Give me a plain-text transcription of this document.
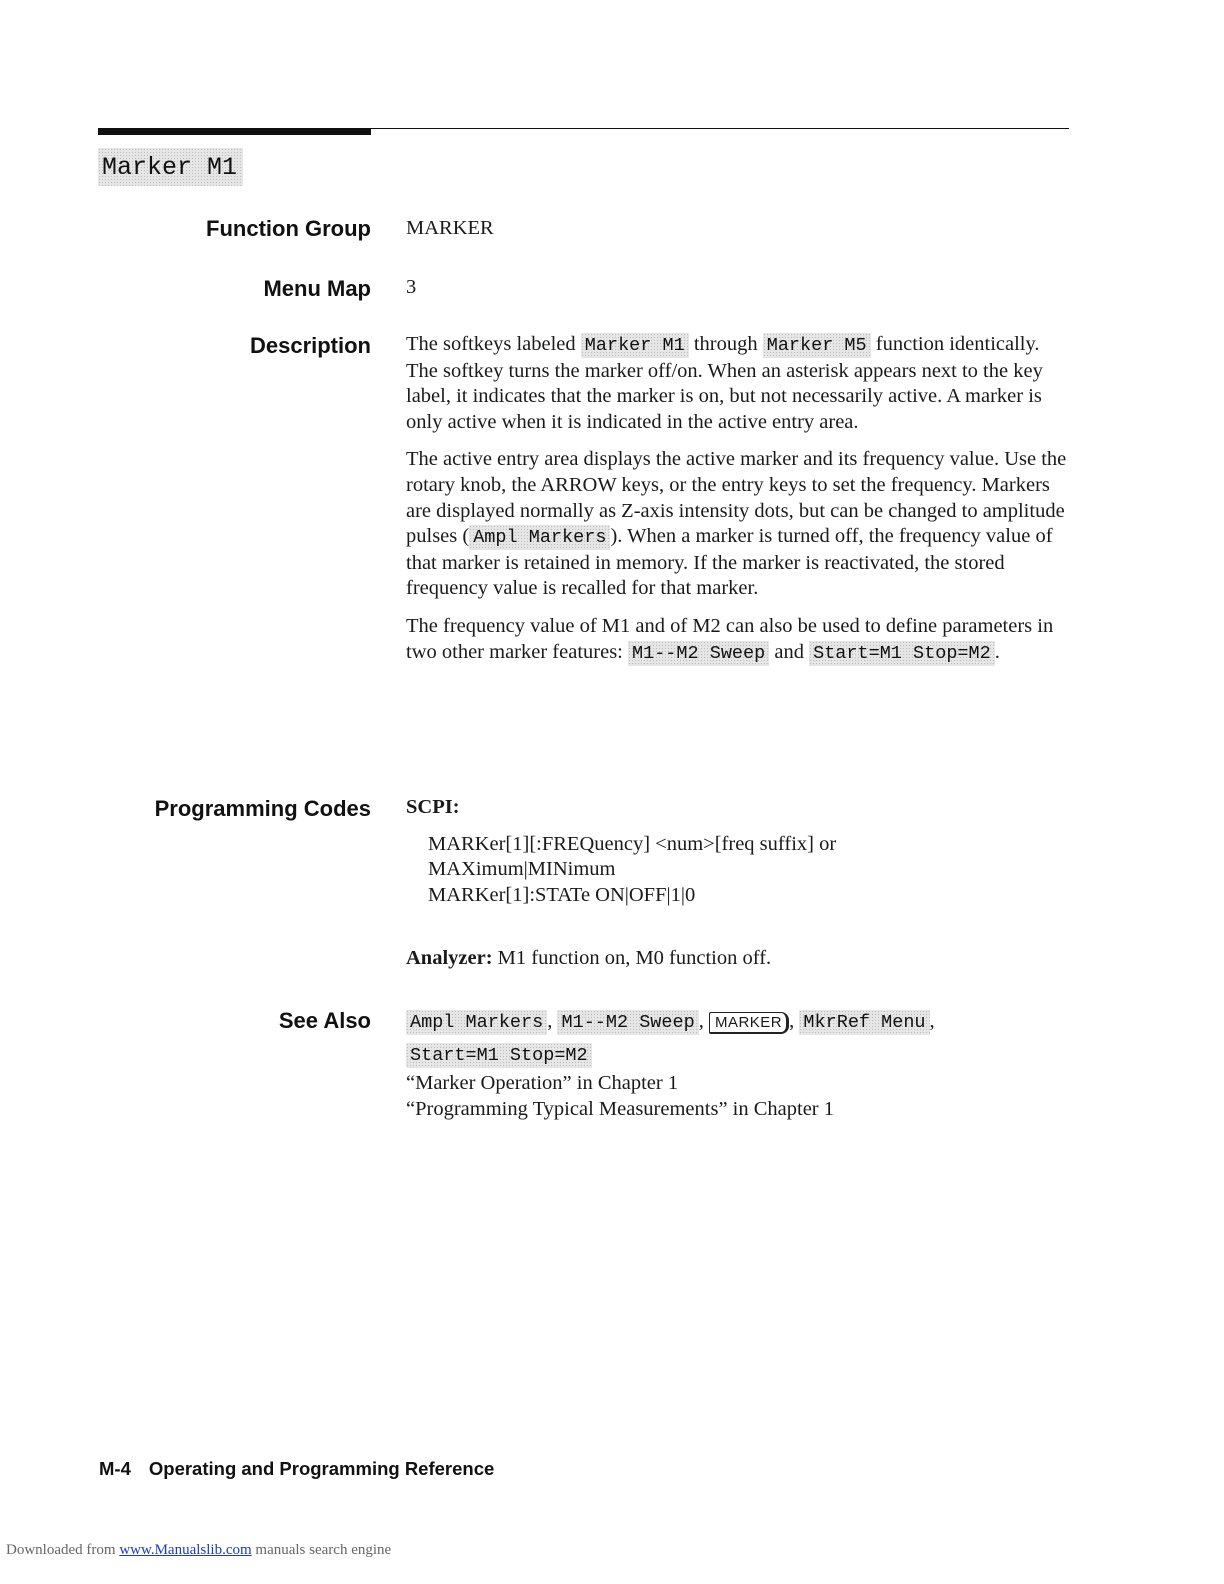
Marker M1
Function Group MARKER
Menu Map 3
Description The softkeys labeled Marker M1 through Marker M5 function identically. The softkey turns the marker off/on. When an asterisk appears next to the key label, it indicates that the marker is on, but not necessarily active. A marker is only active when it is indicated in the active entry area.

The active entry area displays the active marker and its frequency value. Use the rotary knob, the ARROW keys, or the entry keys to set the frequency. Markers are displayed normally as Z-axis intensity dots, but can be changed to amplitude pulses ( Ampl Markers ). When a marker is turned off, the frequency value of that marker is retained in memory. If the marker is reactivated, the stored frequency value is recalled for that marker.

The frequency value of M1 and of M2 can also be used to define parameters in two other marker features: M1--M2 Sweep and Start=M1 Stop=M2 .

Programming Codes SCPI:
MARKer[1][:FREQuency] <num>[freq suffix] or
MAXimum|MINimum
MARKer[1]:STATe ON|OFF|1|0
Analyzer: M1 function on, M0 function off.
See Also Ampl Markers , M1--M2 Sweep , MARKER , MkrRef Menu ,
Start=M1 Stop=M2
“Marker Operation” in Chapter 1
“Programming Typical Measurements” in Chapter 1
M-4 Operating and Programming Reference
Downloaded from www.Manualslib.com manuals search engine
